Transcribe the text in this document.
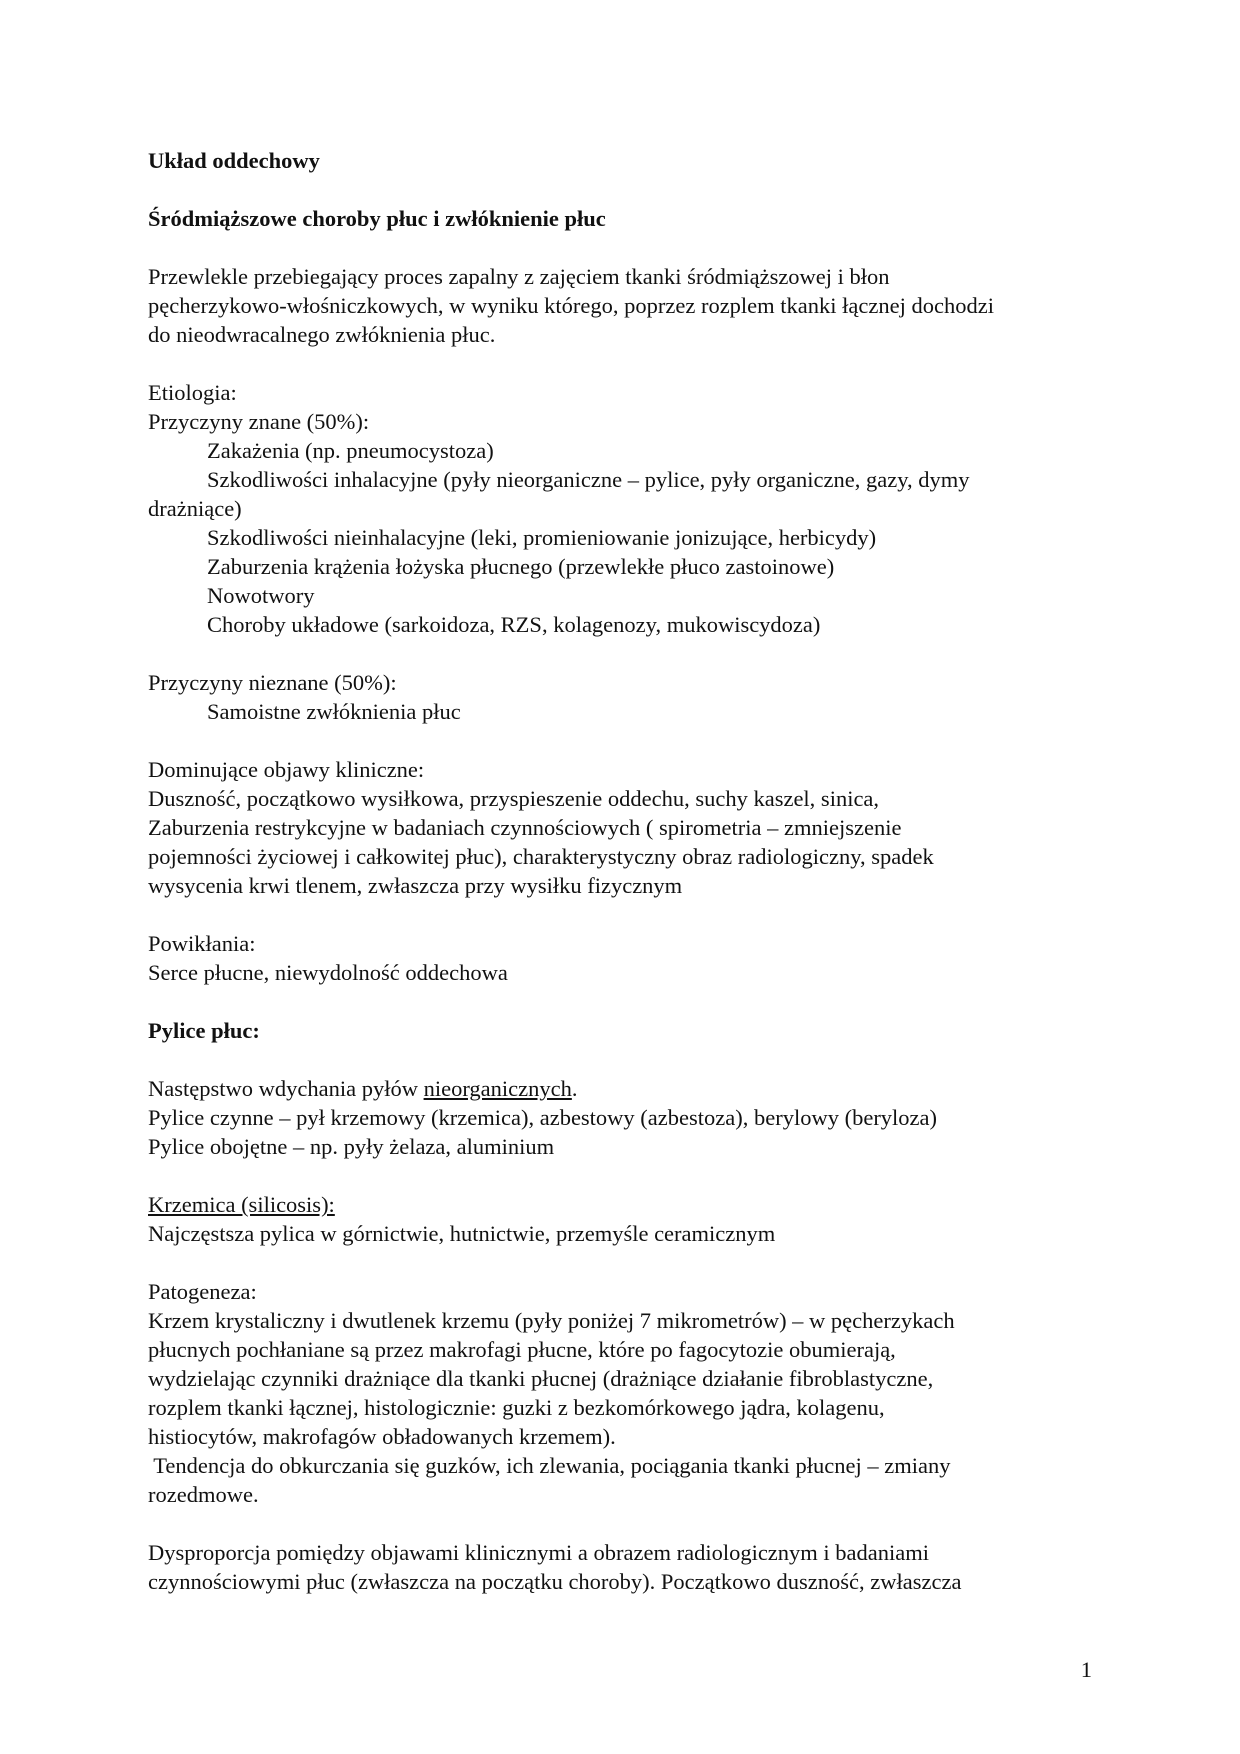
Układ oddechowy
Śródmiąższowe choroby płuc i zwłóknienie płuc
Przewlekle przebiegający proces zapalny z zajęciem tkanki śródmiąższowej i błon
pęcherzykowo-włośniczkowych, w wyniku którego, poprzez rozplem tkanki łącznej dochodzi
do nieodwracalnego zwłóknienia płuc.
Etiologia:
Przyczyny znane (50%):
Zakażenia (np. pneumocystoza)
Szkodliwości inhalacyjne (pyły nieorganiczne – pylice, pyły organiczne, gazy, dymy
drażniące)
Szkodliwości nieinhalacyjne (leki, promieniowanie jonizujące, herbicydy)
Zaburzenia krążenia łożyska płucnego (przewlekłe płuco zastoinowe)
Nowotwory
Choroby układowe (sarkoidoza, RZS, kolagenozy, mukowiscydoza)
Przyczyny nieznane (50%):
Samoistne zwłóknienia płuc
Dominujące objawy kliniczne:
Duszność, początkowo wysiłkowa, przyspieszenie oddechu, suchy kaszel, sinica,
Zaburzenia restrykcyjne w badaniach czynnościowych ( spirometria – zmniejszenie
pojemności życiowej i całkowitej płuc), charakterystyczny obraz radiologiczny, spadek
wysycenia krwi tlenem, zwłaszcza przy wysiłku fizycznym
Powikłania:
Serce płucne, niewydolność oddechowa
Pylice płuc:
Następstwo wdychania pyłów nieorganicznych.
Pylice czynne – pył krzemowy (krzemica), azbestowy (azbestoza), berylowy (beryloza)
Pylice obojętne – np. pyły żelaza, aluminium
Krzemica (silicosis):
Najczęstsza pylica w górnictwie, hutnictwie, przemyśle ceramicznym
Patogeneza:
Krzem krystaliczny i dwutlenek krzemu (pyły poniżej 7 mikrometrów) – w pęcherzykach
płucnych pochłaniane są przez makrofagi płucne, które po fagocytozie obumierają,
wydzielając czynniki drażniące dla tkanki płucnej (drażniące działanie fibroblastyczne,
rozplem tkanki łącznej, histologicznie: guzki z bezkomórkowego jądra, kolagenu,
histiocytów, makrofagów obładowanych krzemem).
Tendencja do obkurczania się guzków, ich zlewania, pociągania tkanki płucnej – zmiany
rozedmowe.
Dysproporcja pomiędzy objawami klinicznymi a obrazem radiologicznym i badaniami
czynnościowymi płuc (zwłaszcza na początku choroby). Początkowo duszność, zwłaszcza
1
